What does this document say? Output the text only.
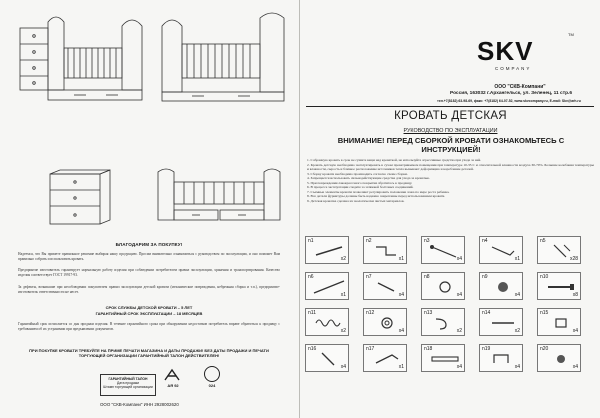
БЛАГОДАРИМ ЗА ПОКУПКУ!
Надеемся, что Вы примете правильное решение выбирая нашу продукцию. Просим внимательно ознакомиться с руководством по эксплуатации, и оно поможет Вам правильно собрать и использовать кровать.
Предприятие изготовитель гарантирует нормальную работу изделия при соблюдении потребителем правил эксплуатации, хранения и транспортирования. Качество изделия соответствует ГОСТ 19917-93.
За дефекты, возникшие при несоблюдении покупателем правил эксплуатации детской кровати (механические повреждения, небрежная сборка и т.п.), предприятие-изготовитель ответственности не несет.
СРОК СЛУЖБЫ ДЕТСКОЙ КРОВАТИ – 5 ЛЕТ
ГАРАНТИЙНЫЙ СРОК ЭКСПЛУАТАЦИИ – 18 МЕСЯЦЕВ
Гарантийный срок исчисляется со дня продажи изделия. В течение гарантийного срока при обнаружении недостатков потребитель вправе обратиться к продавцу с требованием об их устранении при предъявлении документов.
ПРИ ПОКУПКЕ КРОВАТИ ТРЕБУЙТЕ НА ПРИМЕ ПЕЧАТИ МАГАЗИНА И ДАТЫ ПРОДАЖИ! БЕЗ ДАТЫ ПРОДАЖИ И ПЕЧАТИ ТОРГУЮЩЕЙ ОРГАНИЗАЦИИ ГАРАНТИЙНЫЙ ТАЛОН ДЕЙСТВИТЕЛЕН!
ГАРАНТИЙНЫЙ ТАЛОН
Дата продажи
Штамп торгующей организации	АЯ 92	024
ООО "СКВ-Компани" ИНН 2928002620
SKV
TM
COMPANY
ООО "СКВ-Компани"
Россия, 163032 г.Архангельск, ул. Зеленец, 11 стр.6
тел.+7(8182) 63-98-69, факс: +7(8182) 64-07-52, www.skvcompany.ru, E-mail: Skv@arh.ru
КРОВАТЬ ДЕТСКАЯ
РУКОВОДСТВО ПО ЭКСПЛУАТАЦИИ
ВНИМАНИЕ! ПЕРЕД СБОРКОЙ КРОВАТИ ОЗНАКОМЬТЕСЬ С ИНСТРУКЦИЕЙ!
1. Собранную кровать в срок не сушите вещи над кроваткой, не используйте агрессивные средства при уходе за ней.
2. Кровать детскую необходимо эксплуатировать в сухом проветриваемом помещении при температуре 10-35 С и относительной влажности воздуха 30-70%. Большие колебания температуры и влажности, сырость и близкое расположение источников тепла вызывают деформацию и коробление деталей.
3. Сборку кровати необходимо производить согласно схеме сборки.
4. Запрещается использовать сильнодействующие средства для ухода за кроватью.
5. При повреждении лакокрасочного покрытия обратитесь к продавцу.
6. В процессе эксплуатации следите за затяжкой болтовых соединений.
7. Съемные элементы кровати позволяют регулировать положение ложа по мере роста ребенка.
8. Все детали фурнитуры должны быть надежно закреплены перед использованием кровати.
9. Детская кроватка сделана из экологически чистых материалов.
n1
x2
n2
x1
n3
x4
n4
x1
n5
x28
n6
x1
n7
x4
n8
x4
n9
x4
n10
x8
n11
x2
n12
x4
n13
x2
n14
x2
n15
x4
n16
x4
n17
x1
n18
x4
n19
x4
n20
x4
